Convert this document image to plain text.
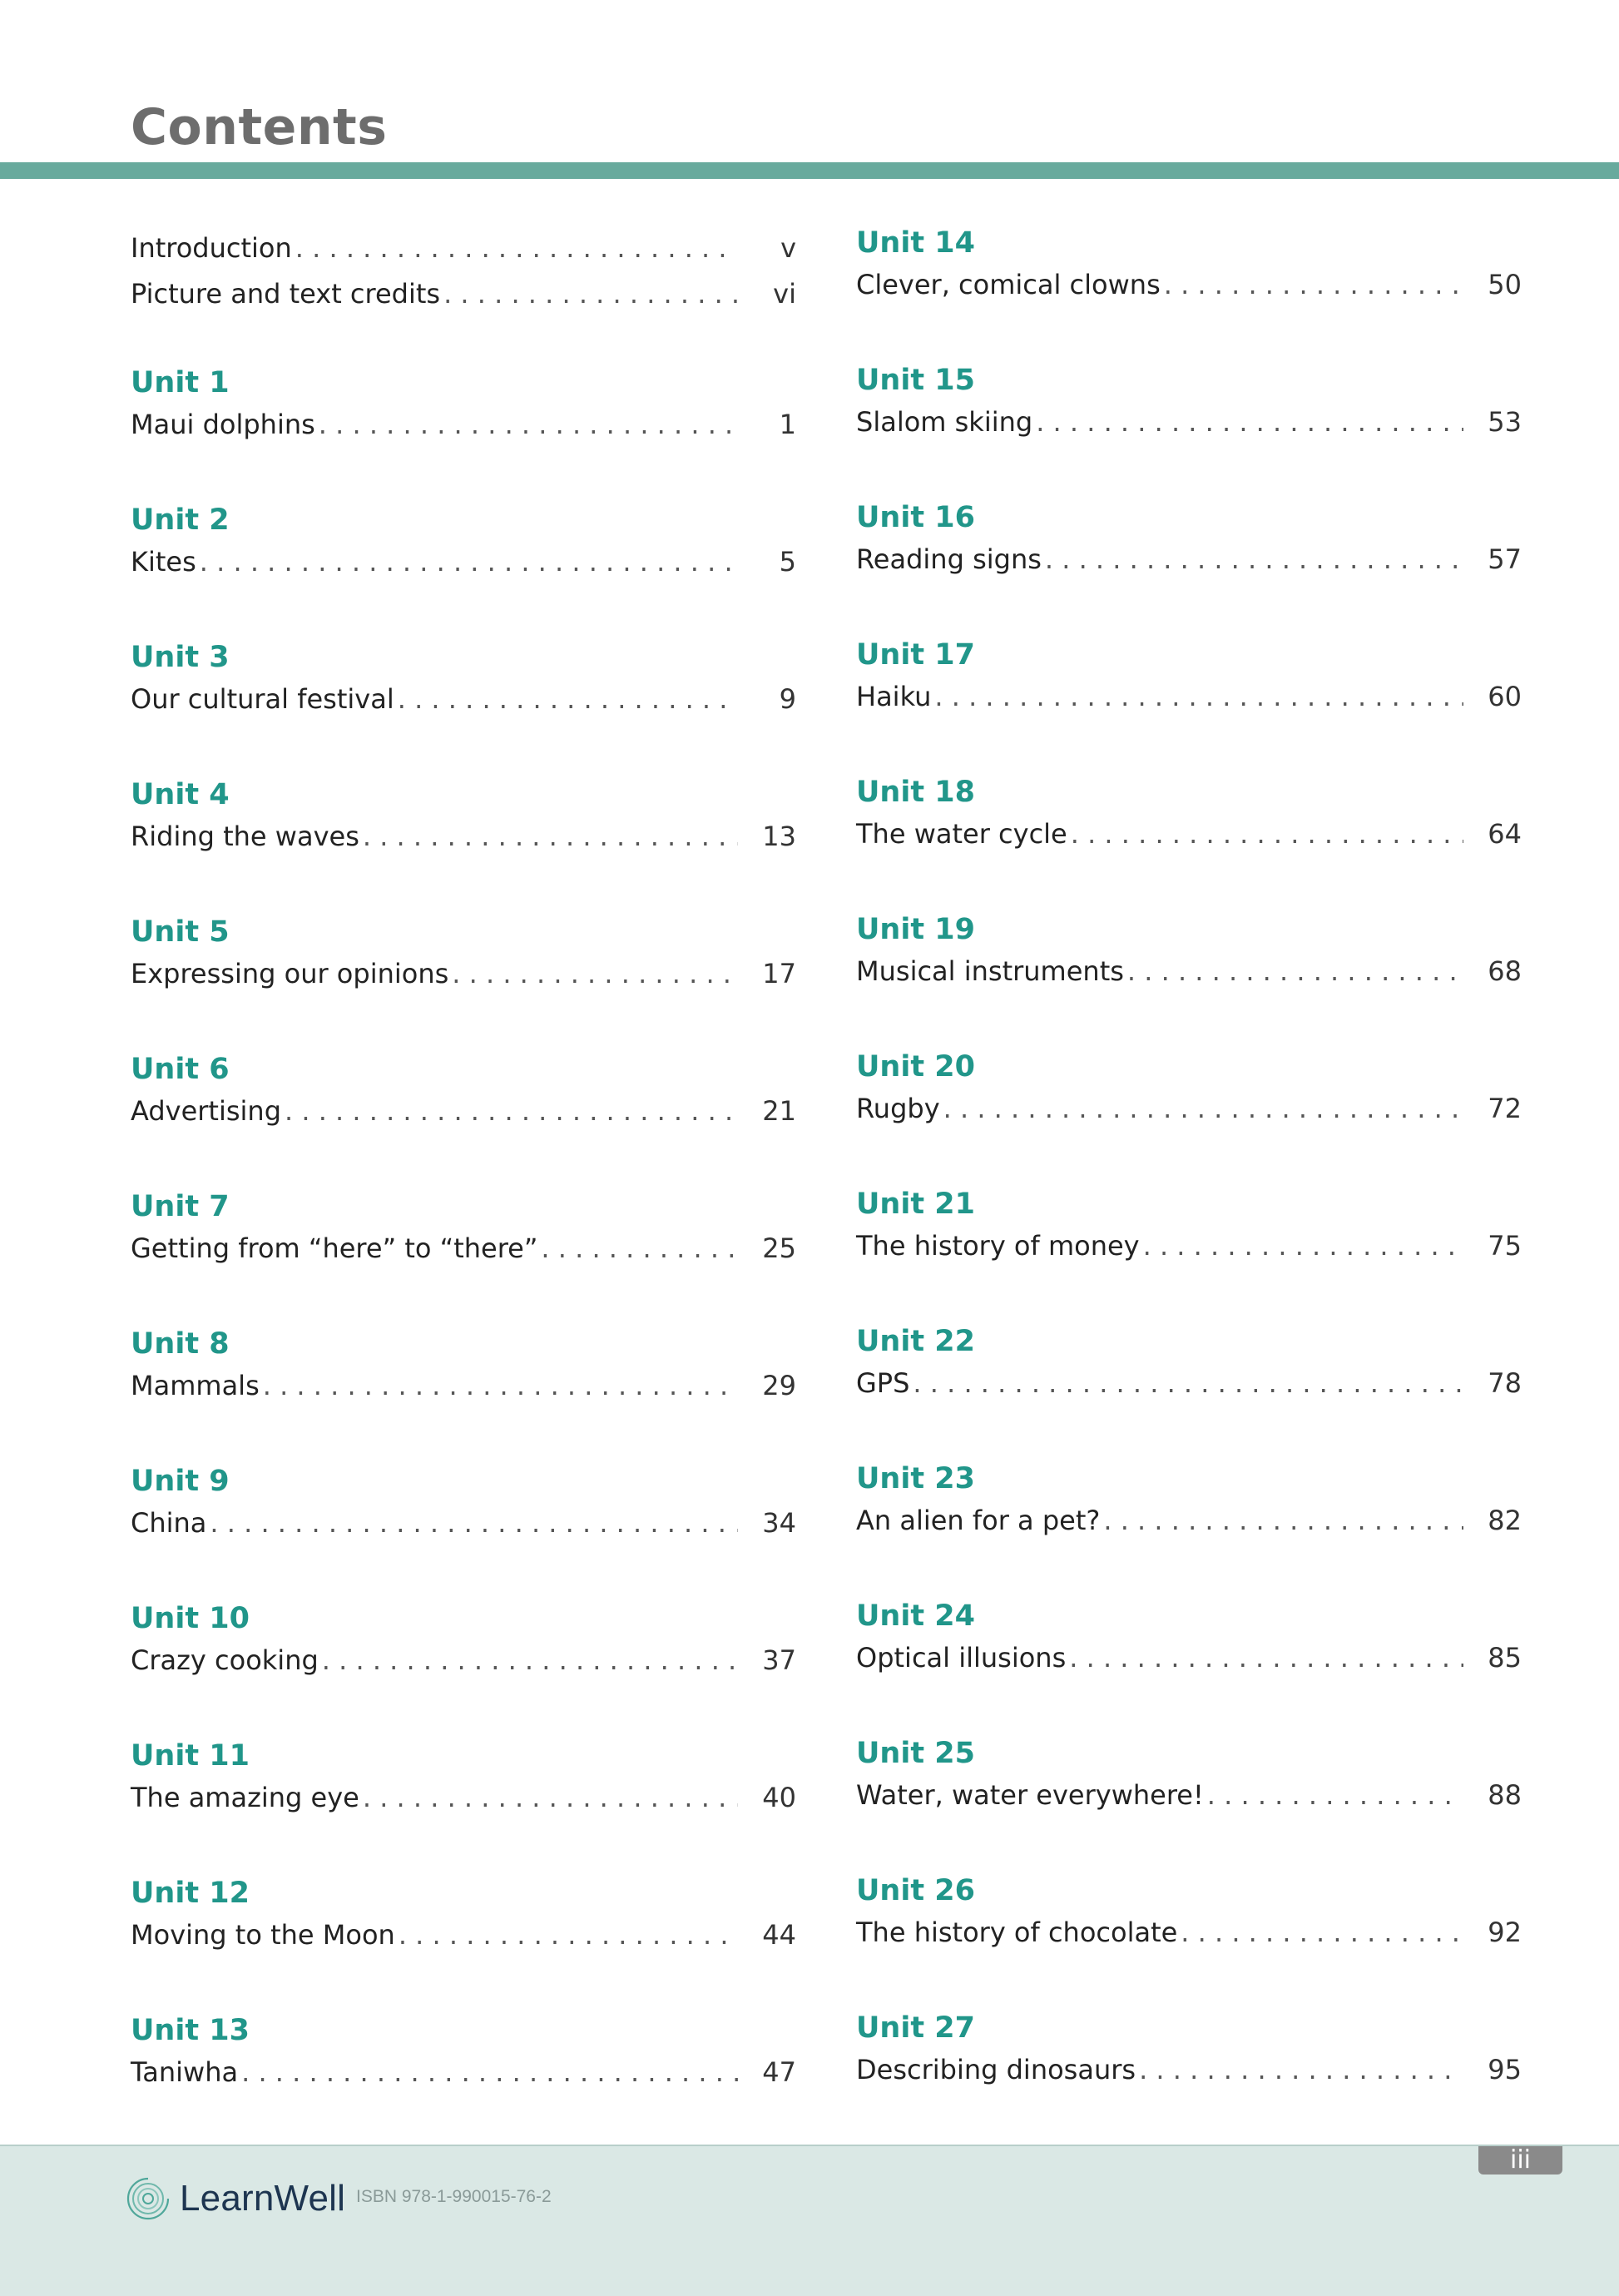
Contents
Introduction . . .	v
Picture and text credits . . .	vi
Unit 1
Maui dolphins . . .	1
Unit 2
Kites . . .	5
Unit 3
Our cultural festival . . .	9
Unit 4
Riding the waves . . .	13
Unit 5
Expressing our opinions . . .	17
Unit 6
Advertising . . .	21
Unit 7
Getting from “here” to “there” . . .	25
Unit 8
Mammals . . .	29
Unit 9
China . . .	34
Unit 10
Crazy cooking . . .	37
Unit 11
The amazing eye . . .	40
Unit 12
Moving to the Moon . . .	44
Unit 13
Taniwha . . .	47
Unit 14
Clever, comical clowns . . .	50
Unit 15
Slalom skiing . . .	53
Unit 16
Reading signs . . .	57
Unit 17
Haiku . . .	60
Unit 18
The water cycle . . .	64
Unit 19
Musical instruments . . .	68
Unit 20
Rugby . . .	72
Unit 21
The history of money . . .	75
Unit 22
GPS . . .	78
Unit 23
An alien for a pet? . . .	82
Unit 24
Optical illusions . . .	85
Unit 25
Water, water everywhere! . . .	88
Unit 26
The history of chocolate . . .	92
Unit 27
Describing dinosaurs . . .	95
iii
LearnWell ISBN 978-1-990015-76-2
